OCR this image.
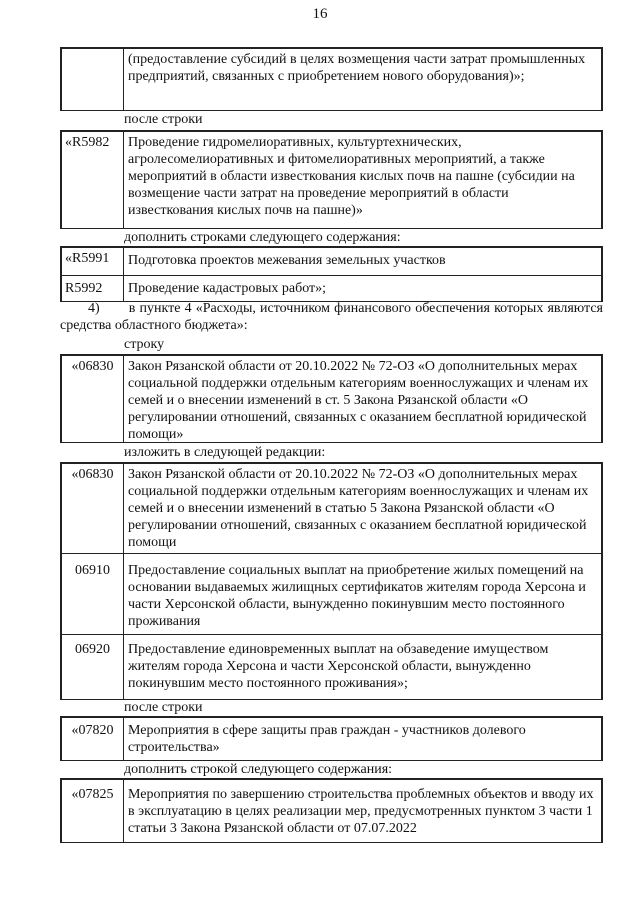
16
(предоставление субсидий в целях возмещения части затрат промышленных предприятий, связанных с приобретением нового оборудования)»;
после строки
«R5982	Проведение гидромелиоративных, культуртехнических, агролесомелиоративных и фитомелиоративных мероприятий, а также мероприятий в области известкования кислых почв на пашне (субсидии на возмещение части затрат на проведение мероприятий в области известкования кислых почв на пашне)»
дополнить строками следующего содержания:
«R5991	Подготовка проектов межевания земельных участков
R5992	Проведение кадастровых работ»;
4)       в пункте 4 «Расходы, источником финансового обеспечения которых являются средства областного бюджета»:
строку
«06830	Закон Рязанской области от 20.10.2022 № 72-ОЗ «О дополнительных мерах социальной поддержки отдельным категориям военнослужащих и членам их семей и о внесении изменений в ст. 5 Закона Рязанской области «О регулировании отношений, связанных с оказанием бесплатной юридической помощи»
изложить в следующей редакции:
«06830	Закон Рязанской области от 20.10.2022 № 72-ОЗ «О дополнительных мерах социальной поддержки отдельным категориям военнослужащих и членам их семей и о внесении изменений в статью 5 Закона Рязанской области «О регулировании отношений, связанных с оказанием бесплатной юридической помощи
06910	Предоставление социальных выплат на приобретение жилых помещений на основании выдаваемых жилищных сертификатов жителям города Херсона и части Херсонской области, вынужденно покинувшим место постоянного проживания
06920	Предоставление единовременных выплат на обзаведение имуществом жителям города Херсона и части Херсонской области, вынужденно покинувшим место постоянного проживания»;
после строки
«07820	Мероприятия в сфере защиты прав граждан - участников долевого строительства»
дополнить строкой следующего содержания:
«07825	Мероприятия по завершению строительства проблемных объектов и вводу их в эксплуатацию в целях реализации мер, предусмотренных пунктом 3 части 1 статьи 3 Закона Рязанской области от 07.07.2022
